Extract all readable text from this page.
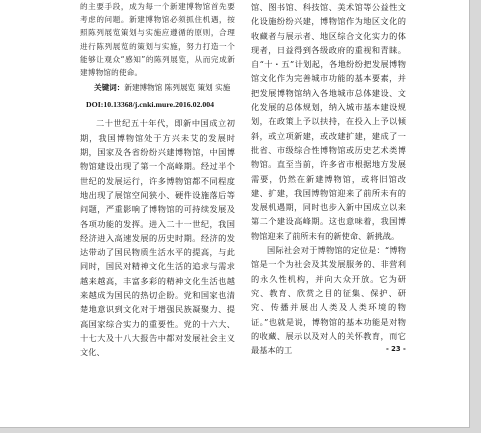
的主要手段，成为每一个新建博物馆首先要考虑的问题。新建博物馆必须抓住机遇，按照陈列展览策划与实施应遵循的原则，合理进行陈列展览的策划与实施，努力打造一个能够让观众“感知”的陈列展览，从而完成新建博物馆的使命。
关键词：新建博物馆 陈列展览 策划 实施
DOI:10.13368/j.cnki.mure.2016.02.004

二十世纪五十年代，即新中国成立初期，我国博物馆处于方兴未艾的发展时期，国家及各省纷纷兴建博物馆，中国博物馆建设出现了第一个高峰期。经过半个世纪的发展运行，许多博物馆都不同程度地出现了展馆空间狭小、硬件设施落后等问题，严重影响了博物馆的可持续发展及各项功能的发挥。进入二十一世纪，我国经济进入高速发展的历史时期。经济的发达带动了国民物质生活水平的提高，与此同时，国民对精神文化生活的追求与需求越来越高，丰富多彩的精神文化生活也越来越成为国民的热切企盼。党和国家也清楚地意识到文化对于增强民族凝聚力、提高国家综合实力的重要性。党的十六大、十七大及十八大报告中都对发展社会主义文化、

馆、图书馆、科技馆、美术馆等公益性文化设施纷纷兴建，博物馆作为地区文化的收藏者与展示者、地区综合文化实力的体现者，日益得到各级政府的重视和青睐。自“十・五”计划起，各地纷纷把发展博物馆文化作为完善城市功能的基本要素，并把发展博物馆纳入各地城市总体建设、文化发展的总体规划，纳入城市基本建设规划，在政策上予以扶持，在投入上予以倾斜，或立项新建，或改建扩建，建成了一批省、市级综合性博物馆或历史艺术类博物馆。直至当前，许多省市根据地方发展需要，仍然在新建博物馆，或将旧馆改建、扩建，我国博物馆迎来了前所未有的发展机遇期，同时也步入新中国成立以来第二个建设高峰期。这也意味着，我国博物馆迎来了前所未有的新使命、新挑战。

国际社会对于博物馆的定位是：“博物馆是一个为社会及其发展服务的、非营利的永久性机构，并向大众开放。它为研究、教育、欣赏之目的征集、保护、研究、传播并展出人类及人类环境的物证。”也就是说，博物馆的基本功能是对物的收藏、展示以及对人的关怀教育，而它最基本的工	- 23 -
